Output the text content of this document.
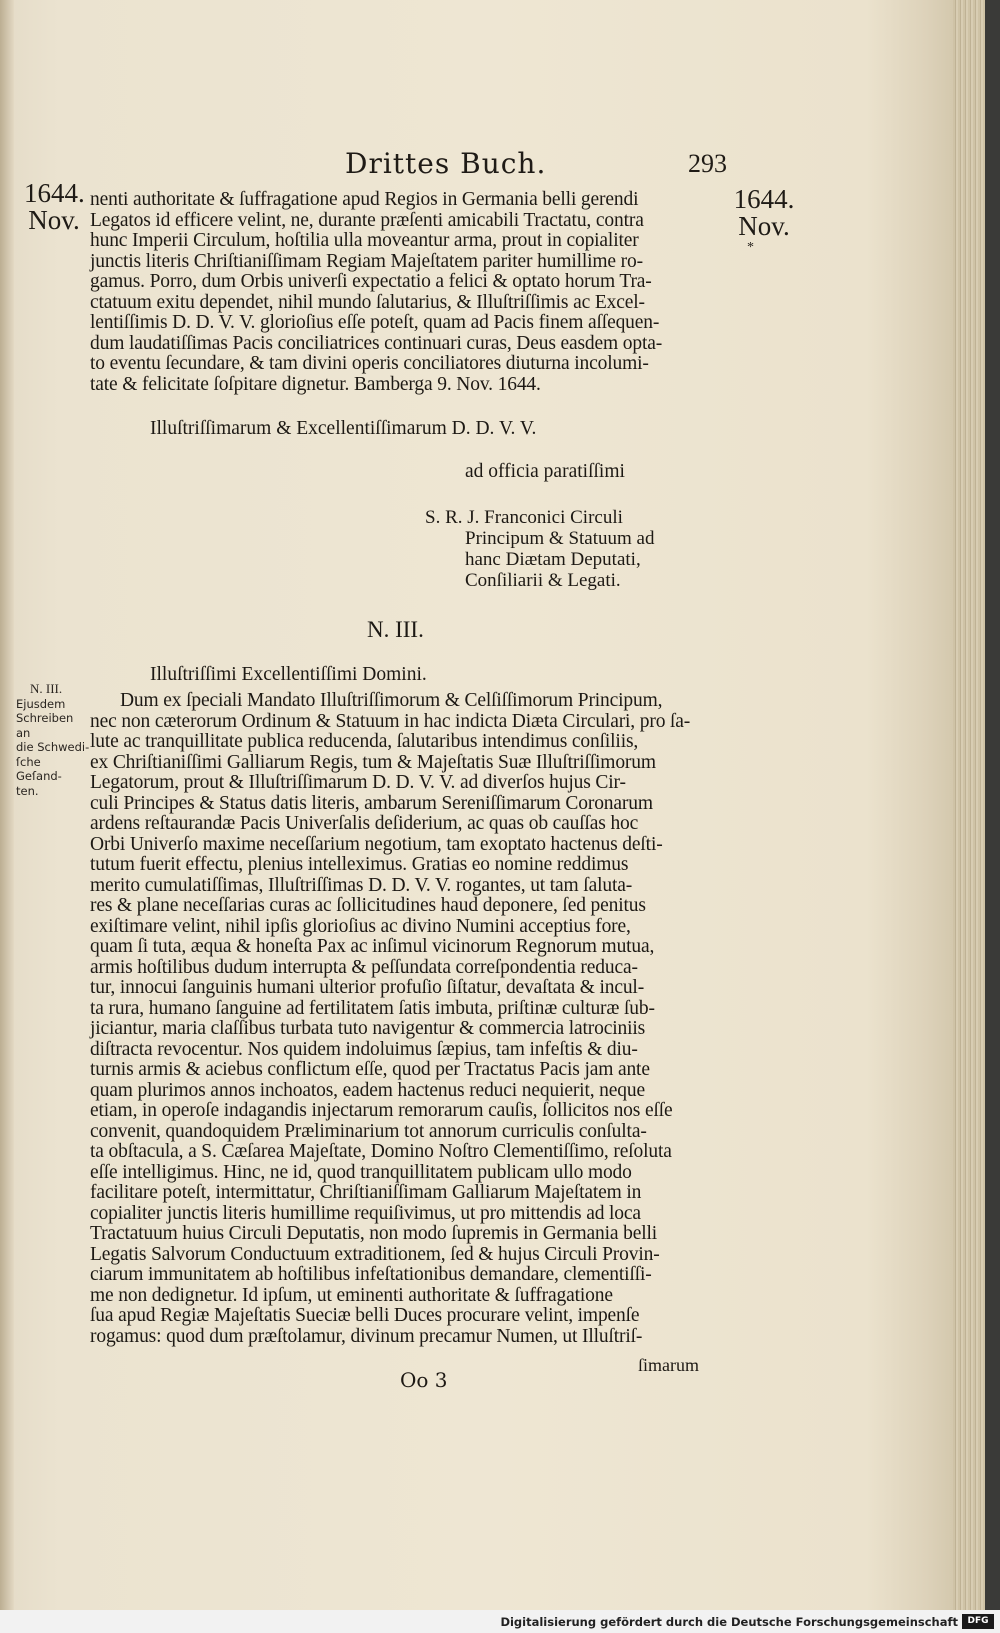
Drittes Buch.	293
1644.
Nov.
1644.
Nov.
*
nenti authoritate & ſuffragatione apud Regios in Germania belli gerendi
Legatos id efficere velint, ne, durante præſenti amicabili Tractatu, contra
hunc Imperii Circulum, hoſtilia ulla moveantur arma, prout in copialiter
junctis literis Chriſtianiſſimam Regiam Majeſtatem pariter humillime ro-
gamus. Porro, dum Orbis univerſi expectatio a felici & optato horum Tra-
ctatuum exitu dependet, nihil mundo ſalutarius, & Illuſtriſſimis ac Excel-
lentiſſimis D. D. V. V. glorioſius eſſe poteſt, quam ad Pacis finem aſſequen-
dum laudatiſſimas Pacis conciliatrices continuari curas, Deus easdem opta-
to eventu ſecundare, & tam divini operis conciliatores diuturna incolumi-
tate & felicitate ſoſpitare dignetur. Bamberga 9. Nov. 1644.
Illuſtriſſimarum & Excellentiſſimarum D. D. V. V.
ad officia paratiſſimi
S. R. J. Franconici Circuli
Principum & Statuum ad
hanc Diætam Deputati,
Conſiliarii & Legati.
N. III.
Illuſtriſſimi Excellentiſſimi Domini.
N. III.
Ejusdem
Schreiben an
die Schwedi-
ſche Geſand-
ten.
Dum ex ſpeciali Mandato Illuſtriſſimorum & Celſiſſimorum Principum,
nec non cæterorum Ordinum & Statuum in hac indicta Diæta Circulari, pro ſa-
lute ac tranquillitate publica reducenda, ſalutaribus intendimus conſiliis,
ex Chriſtianiſſimi Galliarum Regis, tum & Majeſtatis Suæ Illuſtriſſimorum
Legatorum, prout & Illuſtriſſimarum D. D. V. V. ad diverſos hujus Cir-
culi Principes & Status datis literis, ambarum Sereniſſimarum Coronarum
ardens reſtaurandæ Pacis Univerſalis deſiderium, ac quas ob cauſſas hoc
Orbi Univerſo maxime neceſſarium negotium, tam exoptato hactenus deſti-
tutum fuerit effectu, plenius intelleximus. Gratias eo nomine reddimus
merito cumulatiſſimas, Illuſtriſſimas D. D. V. V. rogantes, ut tam ſaluta-
res & plane neceſſarias curas ac ſollicitudines haud deponere, ſed penitus
exiſtimare velint, nihil ipſis glorioſius ac divino Numini acceptius fore,
quam ſi tuta, æqua & honeſta Pax ac inſimul vicinorum Regnorum mutua,
armis hoſtilibus dudum interrupta & peſſundata correſpondentia reduca-
tur, innocui ſanguinis humani ulterior profuſio ſiſtatur, devaſtata & incul-
ta rura, humano ſanguine ad fertilitatem ſatis imbuta, priſtinæ culturæ ſub-
jiciantur, maria claſſibus turbata tuto navigentur & commercia latrociniis
diſtracta revocentur. Nos quidem indoluimus ſæpius, tam infeſtis & diu-
turnis armis & aciebus conflictum eſſe, quod per Tractatus Pacis jam ante
quam plurimos annos inchoatos, eadem hactenus reduci nequierit, neque
etiam, in operoſe indagandis injectarum remorarum cauſis, ſollicitos nos eſſe
convenit, quandoquidem Præliminarium tot annorum curriculis conſulta-
ta obſtacula, a S. Cæſarea Majeſtate, Domino Noſtro Clementiſſimo, reſoluta
eſſe intelligimus. Hinc, ne id, quod tranquillitatem publicam ullo modo
facilitare poteſt, intermittatur, Chriſtianiſſimam Galliarum Majeſtatem in
copialiter junctis literis humillime requiſivimus, ut pro mittendis ad loca
Tractatuum huius Circuli Deputatis, non modo ſupremis in Germania belli
Legatis Salvorum Conductuum extraditionem, ſed & hujus Circuli Provin-
ciarum immunitatem ab hoſtilibus infeſtationibus demandare, clementiſſi-
me non dedignetur. Id ipſum, ut eminenti authoritate & ſuffragatione
ſua apud Regiæ Majeſtatis Sueciæ belli Duces procurare velint, impenſe
rogamus: quod dum præſtolamur, divinum precamur Numen, ut Illuſtriſ-
Oo 3
ſimarum
Digitalisierung gefördert durch die Deutsche Forschungsgemeinschaft	DFG
